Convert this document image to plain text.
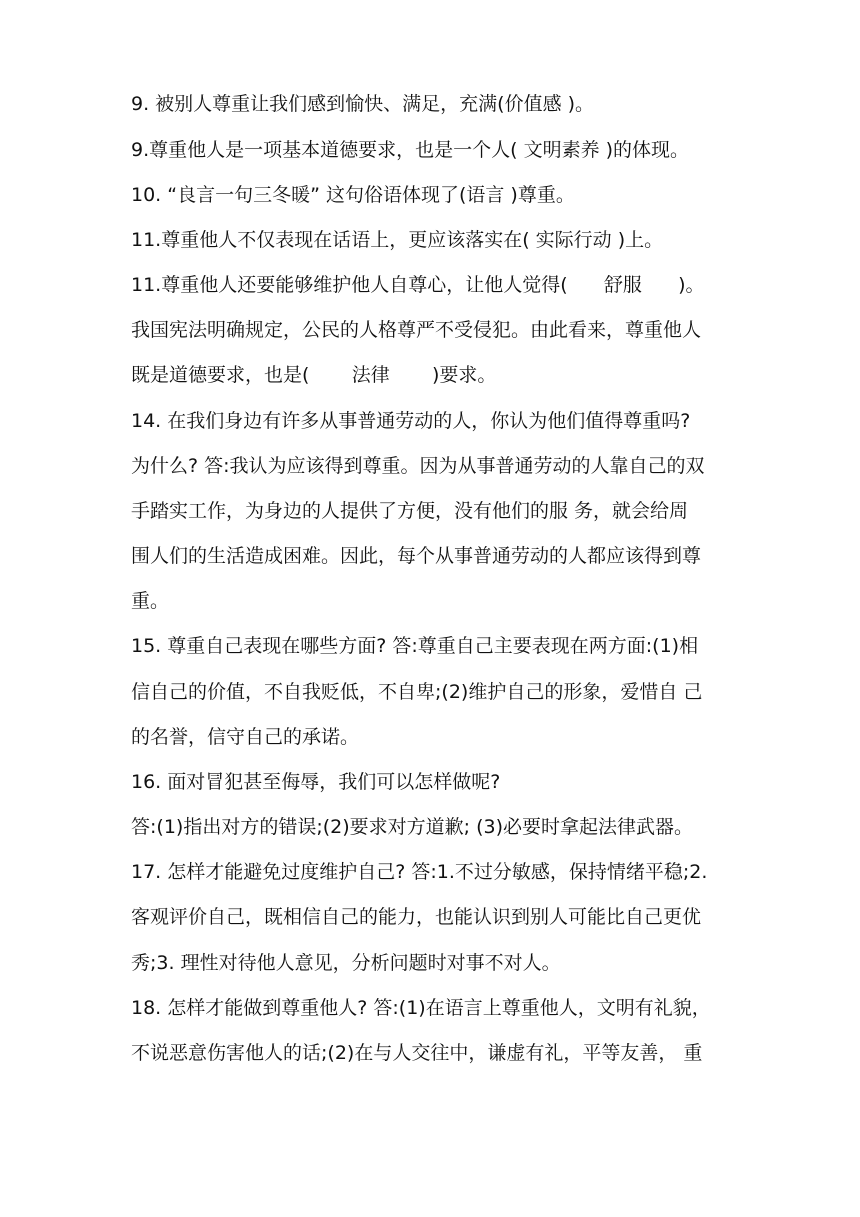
9. 被别人尊重让我们感到愉快、满足，充满(价值感 )。
9.尊重他人是一项基本道德要求，也是一个人( 文明素养 )的体现。
10. “良言一句三冬暖” 这句俗语体现了(语言 )尊重。
11.尊重他人不仅表现在话语上，更应该落实在( 实际行动 )上。
11.尊重他人还要能够维护他人自尊心，让他人觉得(      舒服      )。
我国宪法明确规定，公民的人格尊严不受侵犯。由此看来，尊重他人
既是道德要求，也是(       法律       )要求。
14. 在我们身边有许多从事普通劳动的人，你认为他们值得尊重吗?
为什么? 答:我认为应该得到尊重。因为从事普通劳动的人靠自己的双
手踏实工作，为身边的人提供了方便，没有他们的服 务，就会给周
围人们的生活造成困难。因此，每个从事普通劳动的人都应该得到尊
重。
15. 尊重自己表现在哪些方面? 答:尊重自己主要表现在两方面:(1)相
信自己的价值，不自我贬低，不自卑;(2)维护自己的形象，爱惜自 己
的名誉，信守自己的承诺。
16. 面对冒犯甚至侮辱，我们可以怎样做呢?
答:(1)指出对方的错误;(2)要求对方道歉; (3)必要时拿起法律武器。
17. 怎样才能避免过度维护自己? 答:1.不过分敏感，保持情绪平稳;2.
客观评价自己，既相信自己的能力，也能认识到别人可能比自己更优
秀;3. 理性对待他人意见，分析问题时对事不对人。
18. 怎样才能做到尊重他人? 答:(1)在语言上尊重他人，文明有礼貌，
不说恶意伤害他人的话;(2)在与人交往中，谦虚有礼，平等友善， 重
